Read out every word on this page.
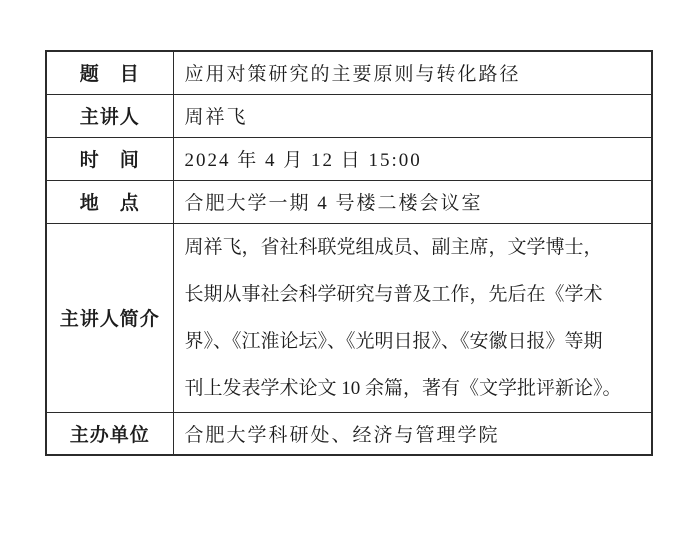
题　目	应用对策研究的主要原则与转化路径
主讲人	周祥飞
时　间	2024 年 4 月 12 日 15:00
地　点	合肥大学一期 4 号楼二楼会议室
主讲人简介	周祥飞，省社科联党组成员、副主席，文学博士，
长期从事社会科学研究与普及工作，先后在《学术
界》、《江淮论坛》、《光明日报》、《安徽日报》等期
刊上发表学术论文 10 余篇，著有《文学批评新论》。

主办单位	合肥大学科研处、经济与管理学院
